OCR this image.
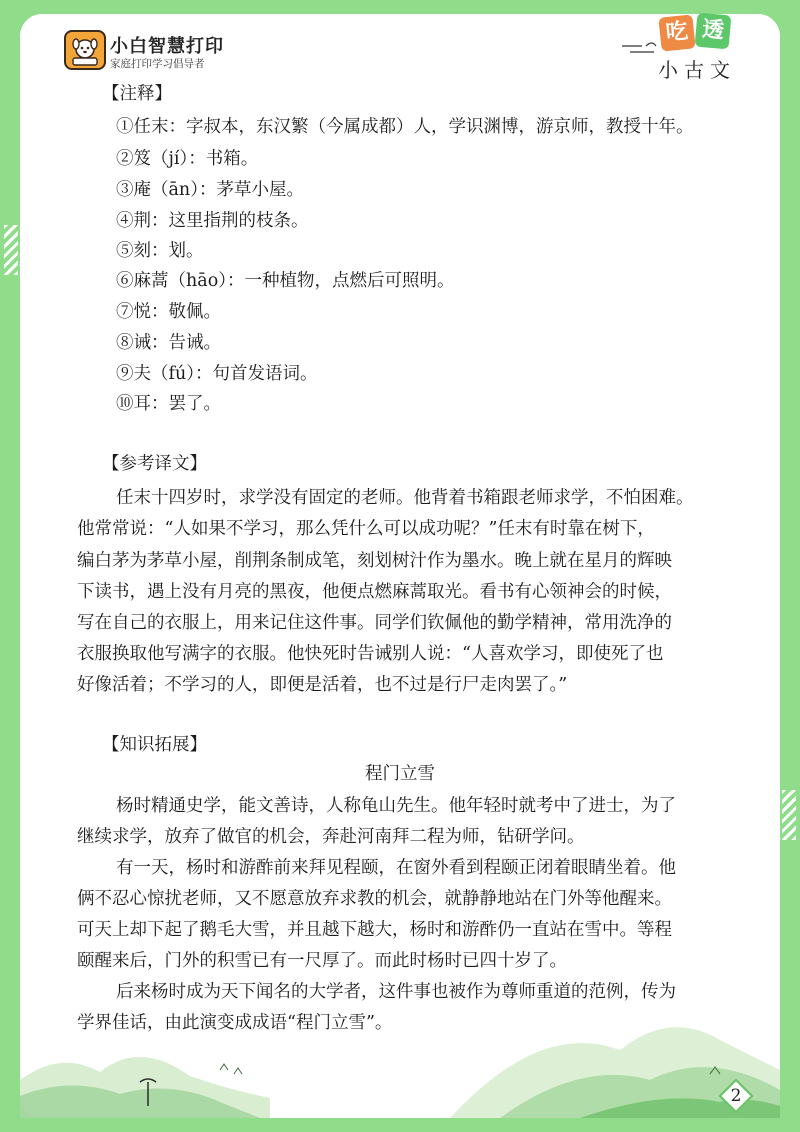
小白智慧打印
家庭打印学习倡导者
吃 透
小古文
【注释】
①任末：字叔本，东汉繁（今属成都）人，学识渊博，游京师，教授十年。
②笈（jí）：书箱。
③庵（ān）：茅草小屋。
④荆：这里指荆的枝条。
⑤刻：划。
⑥麻蒿（hāo）：一种植物，点燃后可照明。
⑦悦：敬佩。
⑧诫：告诫。
⑨夫（fú）：句首发语词。
⑩耳：罢了。
【参考译文】
任末十四岁时，求学没有固定的老师。他背着书箱跟老师求学，不怕困难。
他常常说：“人如果不学习，那么凭什么可以成功呢？”任末有时靠在树下，
编白茅为茅草小屋，削荆条制成笔，刻划树汁作为墨水。晚上就在星月的辉映
下读书，遇上没有月亮的黑夜，他便点燃麻蒿取光。看书有心领神会的时候，
写在自己的衣服上，用来记住这件事。同学们钦佩他的勤学精神，常用洗净的
衣服换取他写满字的衣服。他快死时告诫别人说：“人喜欢学习，即使死了也
好像活着；不学习的人，即便是活着，也不过是行尸走肉罢了。”
【知识拓展】
程门立雪
杨时精通史学，能文善诗，人称龟山先生。他年轻时就考中了进士，为了
继续求学，放弃了做官的机会，奔赴河南拜二程为师，钻研学问。
有一天，杨时和游酢前来拜见程颐，在窗外看到程颐正闭着眼睛坐着。他
俩不忍心惊扰老师，又不愿意放弃求教的机会，就静静地站在门外等他醒来。
可天上却下起了鹅毛大雪，并且越下越大，杨时和游酢仍一直站在雪中。等程
颐醒来后，门外的积雪已有一尺厚了。而此时杨时已四十岁了。
后来杨时成为天下闻名的大学者，这件事也被作为尊师重道的范例，传为
学界佳话，由此演变成成语“程门立雪”。
2
